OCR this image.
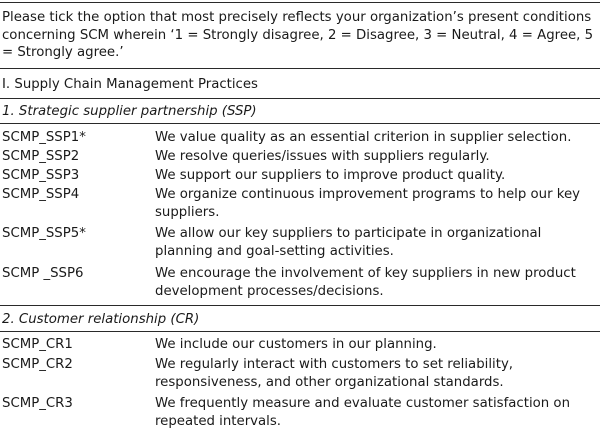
Please tick the option that most precisely reflects your organization’s present conditions concerning SCM wherein ‘1 = Strongly disagree, 2 = Disagree, 3 = Neutral, 4 = Agree, 5 = Strongly agree.’
I. Supply Chain Management Practices
1. Strategic supplier partnership (SSP)
SCMP_SSP1*	We value quality as an essential criterion in supplier selection.
SCMP_SSP2	We resolve queries/issues with suppliers regularly.
SCMP_SSP3	We support our suppliers to improve product quality.
SCMP_SSP4	We organize continuous improvement programs to help our key suppliers.
SCMP_SSP5*	We allow our key suppliers to participate in organizational planning and goal-setting activities.
SCMP _SSP6	We encourage the involvement of key suppliers in new product development processes/decisions.
2. Customer relationship (CR)
SCMP_CR1	We include our customers in our planning.
SCMP_CR2	We regularly interact with customers to set reliability, responsiveness, and other organizational standards.
SCMP_CR3	We frequently measure and evaluate customer satisfaction on repeated intervals.
